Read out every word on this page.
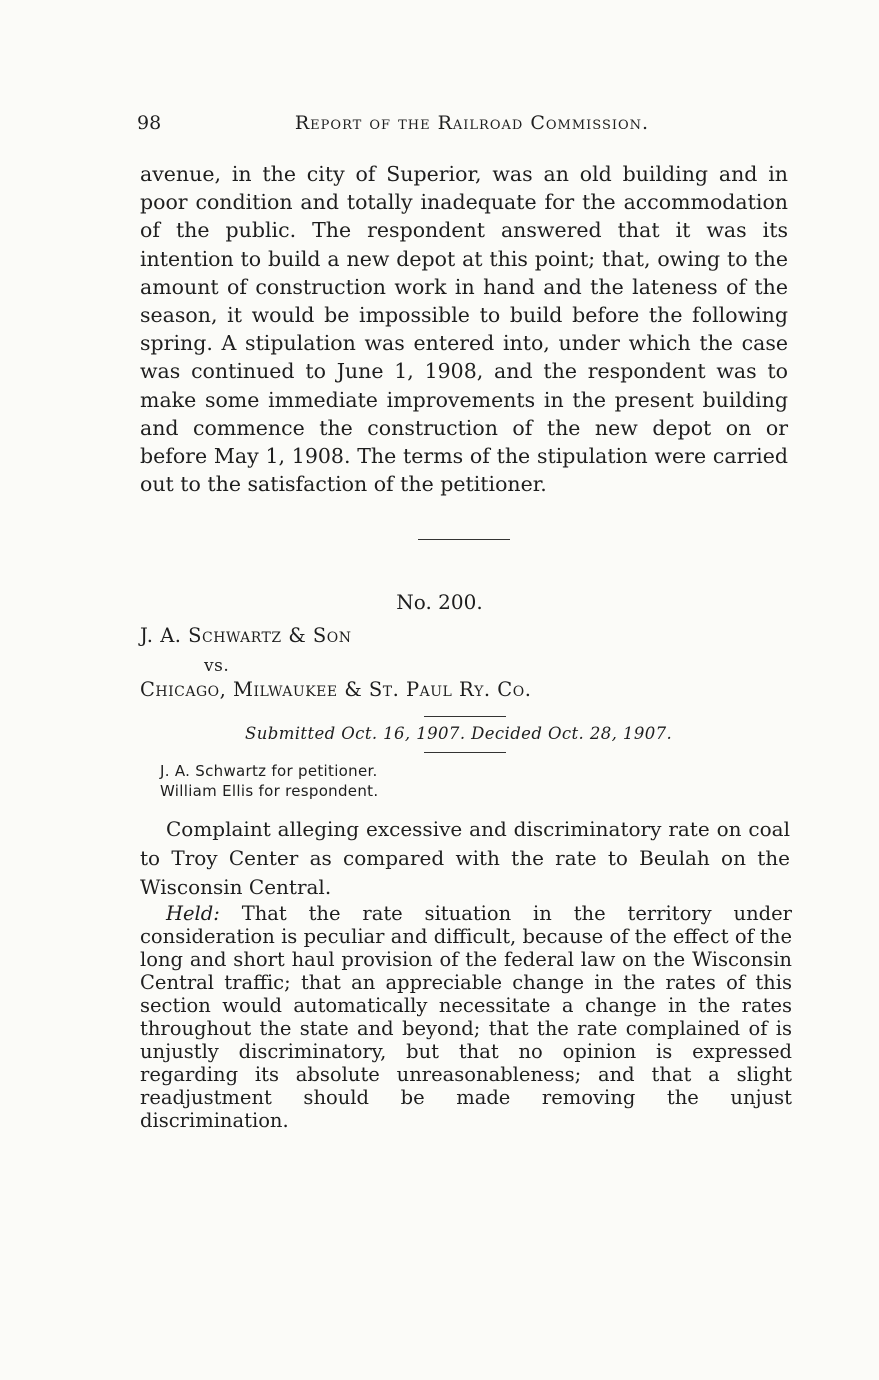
98	Report of the Railroad Commission.

avenue, in the city of Superior, was an old building and in poor condition and totally inadequate for the accommodation of the public. The respondent answered that it was its intention to build a new depot at this point; that, owing to the amount of construction work in hand and the lateness of the season, it would be impossible to build before the following spring. A stipulation was entered into, under which the case was continued to June 1, 1908, and the respondent was to make some immediate improvements in the present building and commence the construction of the new depot on or before May 1, 1908. The terms of the stipulation were carried out to the satisfaction of the petitioner.

No. 200.
J. A. Schwartz & Son
vs.
Chicago, Milwaukee & St. Paul Ry. Co.
Submitted Oct. 16, 1907. Decided Oct. 28, 1907.
J. A. Schwartz for petitioner.
William Ellis for respondent.

Complaint alleging excessive and discriminatory rate on coal to Troy Center as compared with the rate to Beulah on the Wisconsin Central.

Held: That the rate situation in the territory under consideration is peculiar and difficult, because of the effect of the long and short haul provision of the federal law on the Wisconsin Central traffic; that an appreciable change in the rates of this section would automatically necessitate a change in the rates throughout the state and beyond; that the rate complained of is unjustly discriminatory, but that no opinion is expressed regarding its absolute unreasonableness; and that a slight readjustment should be made removing the unjust discrimination.
